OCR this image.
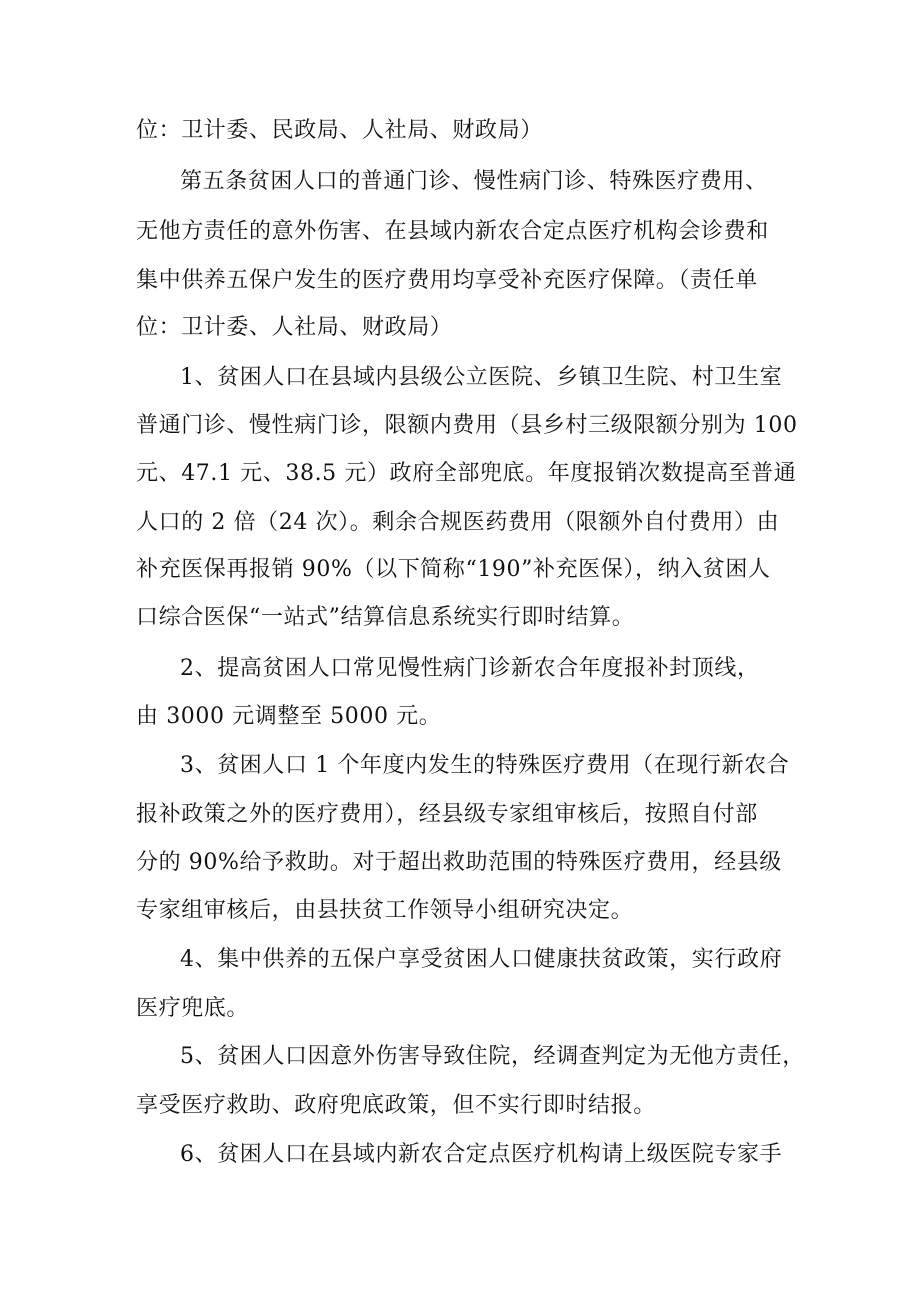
位：卫计委、民政局、人社局、财政局）
第五条贫困人口的普通门诊、慢性病门诊、特殊医疗费用、
无他方责任的意外伤害、在县域内新农合定点医疗机构会诊费和
集中供养五保户发生的医疗费用均享受补充医疗保障。（责任单
位：卫计委、人社局、财政局）
1、贫困人口在县域内县级公立医院、乡镇卫生院、村卫生室
普通门诊、慢性病门诊，限额内费用（县乡村三级限额分别为 100
元、47.1 元、38.5 元）政府全部兜底。年度报销次数提高至普通
人口的 2 倍（24 次）。剩余合规医药费用（限额外自付费用）由
补充医保再报销 90%（以下简称“190”补充医保），纳入贫困人
口综合医保“一站式”结算信息系统实行即时结算。
2、提高贫困人口常见慢性病门诊新农合年度报补封顶线，
由 3000 元调整至 5000 元。
3、贫困人口 1 个年度内发生的特殊医疗费用（在现行新农合
报补政策之外的医疗费用），经县级专家组审核后，按照自付部
分的 90%给予救助。对于超出救助范围的特殊医疗费用，经县级
专家组审核后，由县扶贫工作领导小组研究决定。
4、集中供养的五保户享受贫困人口健康扶贫政策，实行政府
医疗兜底。
5、贫困人口因意外伤害导致住院，经调查判定为无他方责任，
享受医疗救助、政府兜底政策，但不实行即时结报。
6、贫困人口在县域内新农合定点医疗机构请上级医院专家手
